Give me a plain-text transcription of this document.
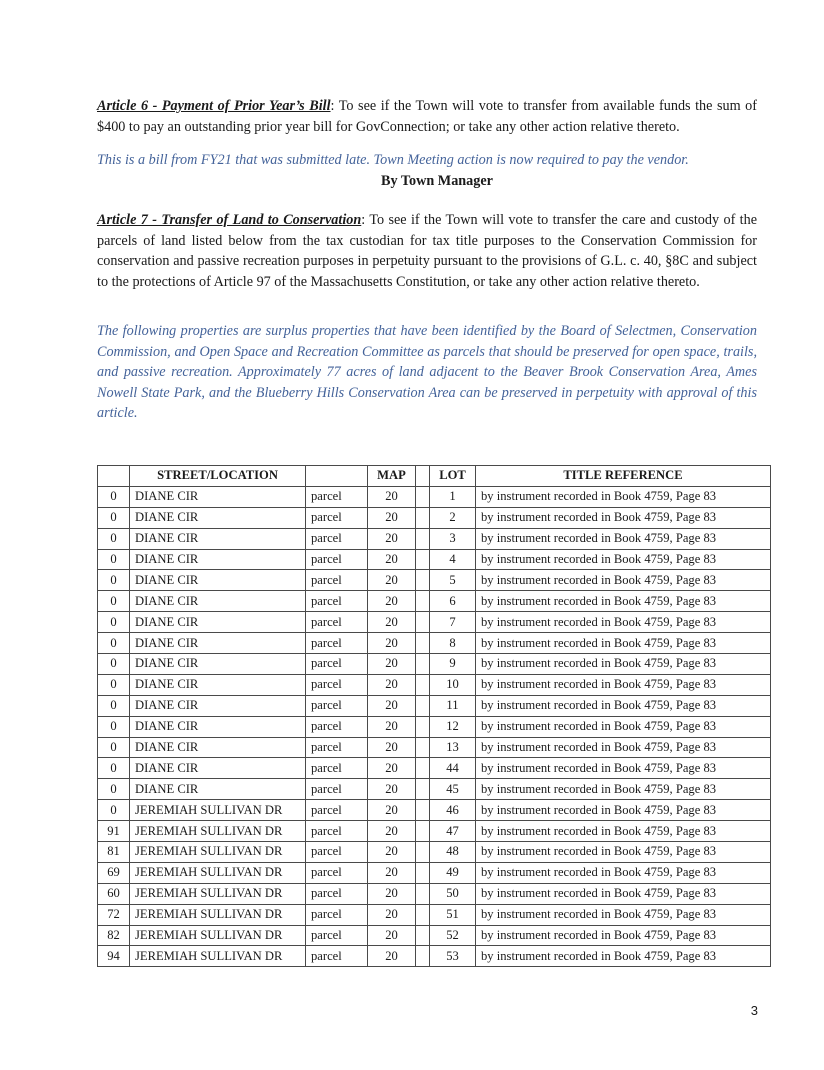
Article 6 - Payment of Prior Year’s Bill: To see if the Town will vote to transfer from available funds the sum of $400 to pay an outstanding prior year bill for GovConnection; or take any other action relative thereto.

This is a bill from FY21 that was submitted late. Town Meeting action is now required to pay the vendor.

By Town Manager

Article 7 - Transfer of Land to Conservation: To see if the Town will vote to transfer the care and custody of the parcels of land listed below from the tax custodian for tax title purposes to the Conservation Commission for conservation and passive recreation purposes in perpetuity pursuant to the provisions of G.L. c. 40, §8C and subject to the protections of Article 97 of the Massachusetts Constitution, or take any other action relative thereto.

The following properties are surplus properties that have been identified by the Board of Selectmen, Conservation Commission, and Open Space and Recreation Committee as parcels that should be preserved for open space, trails, and passive recreation. Approximately 77 acres of land adjacent to the Beaver Brook Conservation Area, Ames Nowell State Park, and the Blueberry Hills Conservation Area can be preserved in perpetuity with approval of this article.

	STREET/LOCATION		MAP		LOT	TITLE REFERENCE
0	DIANE CIR	parcel	20		1	by instrument recorded in Book 4759, Page 83
0	DIANE CIR	parcel	20		2	by instrument recorded in Book 4759, Page 83
0	DIANE CIR	parcel	20		3	by instrument recorded in Book 4759, Page 83
0	DIANE CIR	parcel	20		4	by instrument recorded in Book 4759, Page 83
0	DIANE CIR	parcel	20		5	by instrument recorded in Book 4759, Page 83
0	DIANE CIR	parcel	20		6	by instrument recorded in Book 4759, Page 83
0	DIANE CIR	parcel	20		7	by instrument recorded in Book 4759, Page 83
0	DIANE CIR	parcel	20		8	by instrument recorded in Book 4759, Page 83
0	DIANE CIR	parcel	20		9	by instrument recorded in Book 4759, Page 83
0	DIANE CIR	parcel	20		10	by instrument recorded in Book 4759, Page 83
0	DIANE CIR	parcel	20		11	by instrument recorded in Book 4759, Page 83
0	DIANE CIR	parcel	20		12	by instrument recorded in Book 4759, Page 83
0	DIANE CIR	parcel	20		13	by instrument recorded in Book 4759, Page 83
0	DIANE CIR	parcel	20		44	by instrument recorded in Book 4759, Page 83
0	DIANE CIR	parcel	20		45	by instrument recorded in Book 4759, Page 83
0	JEREMIAH SULLIVAN DR	parcel	20		46	by instrument recorded in Book 4759, Page 83
91	JEREMIAH SULLIVAN DR	parcel	20		47	by instrument recorded in Book 4759, Page 83
81	JEREMIAH SULLIVAN DR	parcel	20		48	by instrument recorded in Book 4759, Page 83
69	JEREMIAH SULLIVAN DR	parcel	20		49	by instrument recorded in Book 4759, Page 83
60	JEREMIAH SULLIVAN DR	parcel	20		50	by instrument recorded in Book 4759, Page 83
72	JEREMIAH SULLIVAN DR	parcel	20		51	by instrument recorded in Book 4759, Page 83
82	JEREMIAH SULLIVAN DR	parcel	20		52	by instrument recorded in Book 4759, Page 83
94	JEREMIAH SULLIVAN DR	parcel	20		53	by instrument recorded in Book 4759, Page 83
3
